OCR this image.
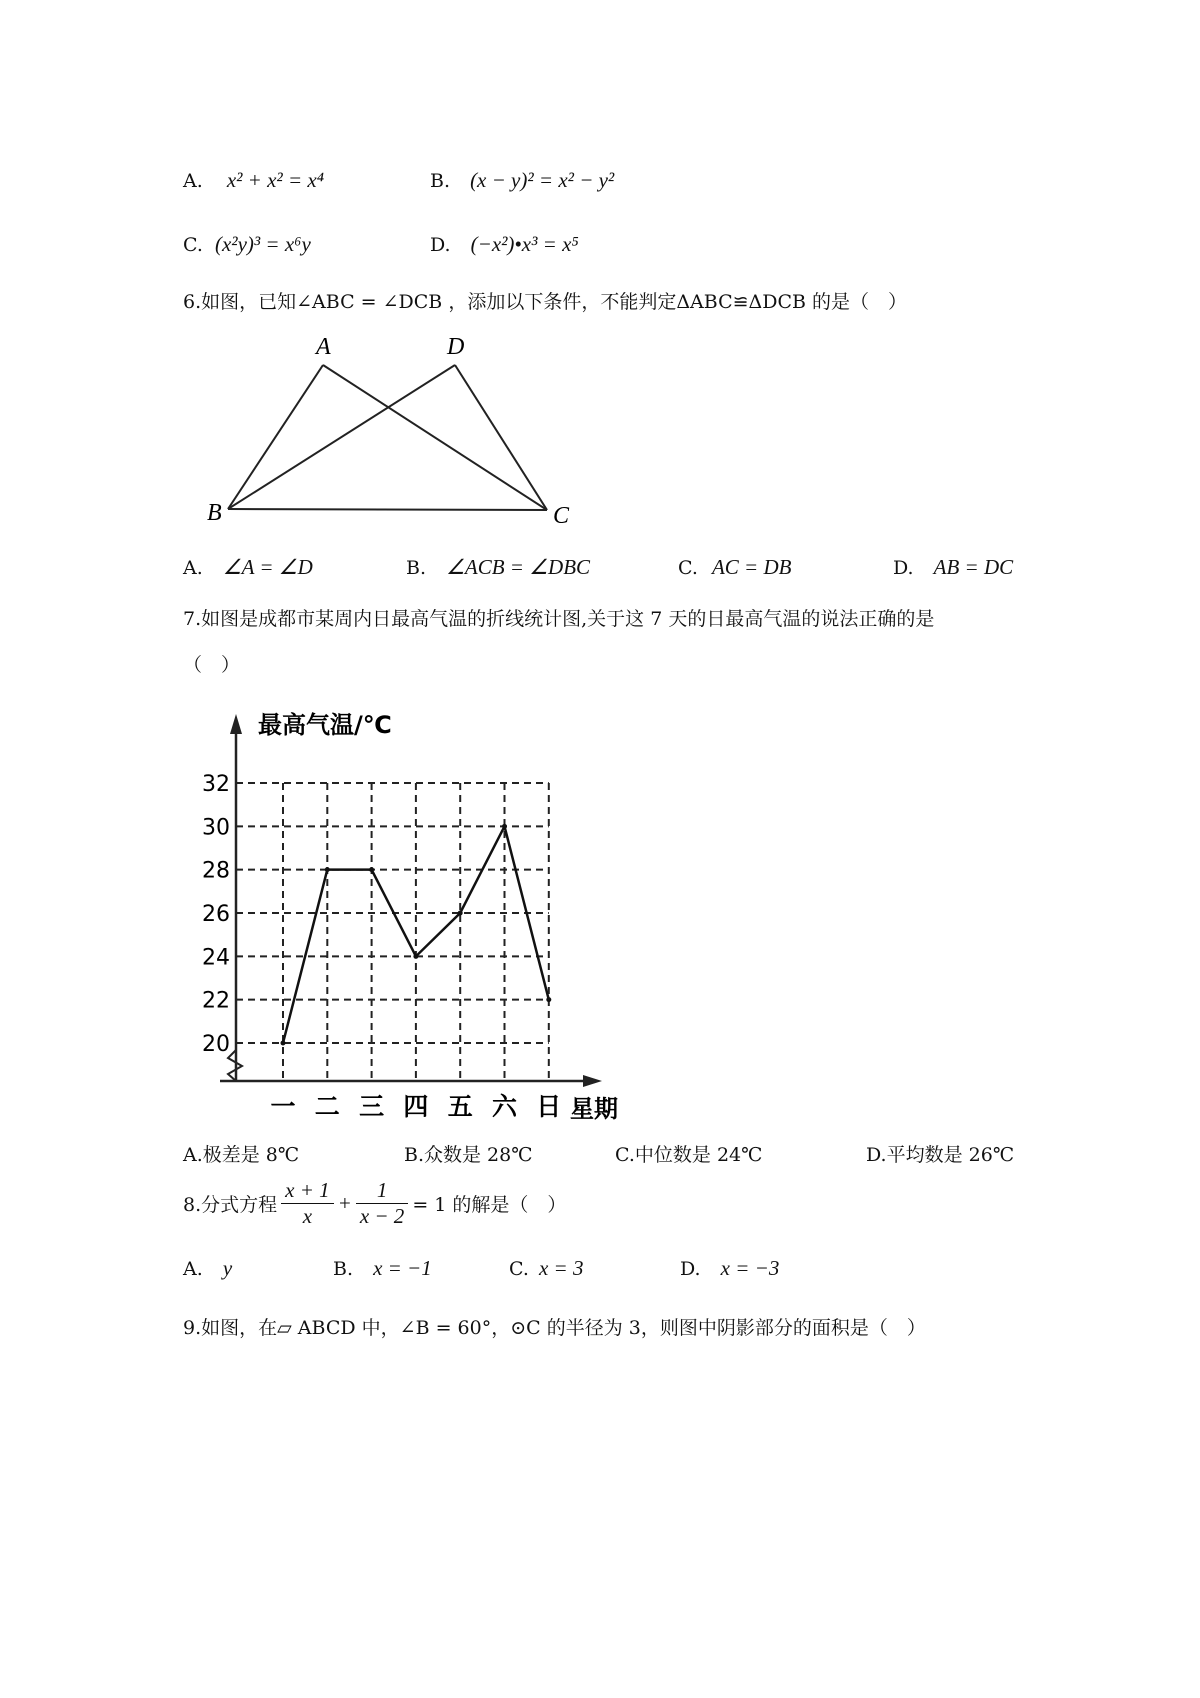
A. x² + x² = x⁴	B. (x − y)² = x² − y²
C. (x²y)³ = x⁶y	D. (−x²)•x³ = x⁵
6.如图，已知∠ABC = ∠DCB ，添加以下条件，不能判定ΔABC≌ΔDCB 的是（　）
A	D
B	C
A. ∠A = ∠D	B. ∠ACB = ∠DBC	C. AC = DB	D. AB = DC
7.如图是成都市某周内日最高气温的折线统计图,关于这 7 天的日最高气温的说法正确的是
（　）
20
22
24
26
28
30
32
一 二 三 四 五 六 日
最高气温/℃
星期
A.极差是 8℃	B.众数是 28℃	C.中位数是 24℃	D.平均数是 26℃
8.分式方程 $\frac{x + 1}{x} + \frac{1}{x - 2} = 1$ 的解是（　）
A. y	B. x = −1	C. x = 3	D. x = −3
9.如图，在▱ ABCD 中，∠B = 60°，⊙C 的半径为 3，则图中阴影部分的面积是（　）
